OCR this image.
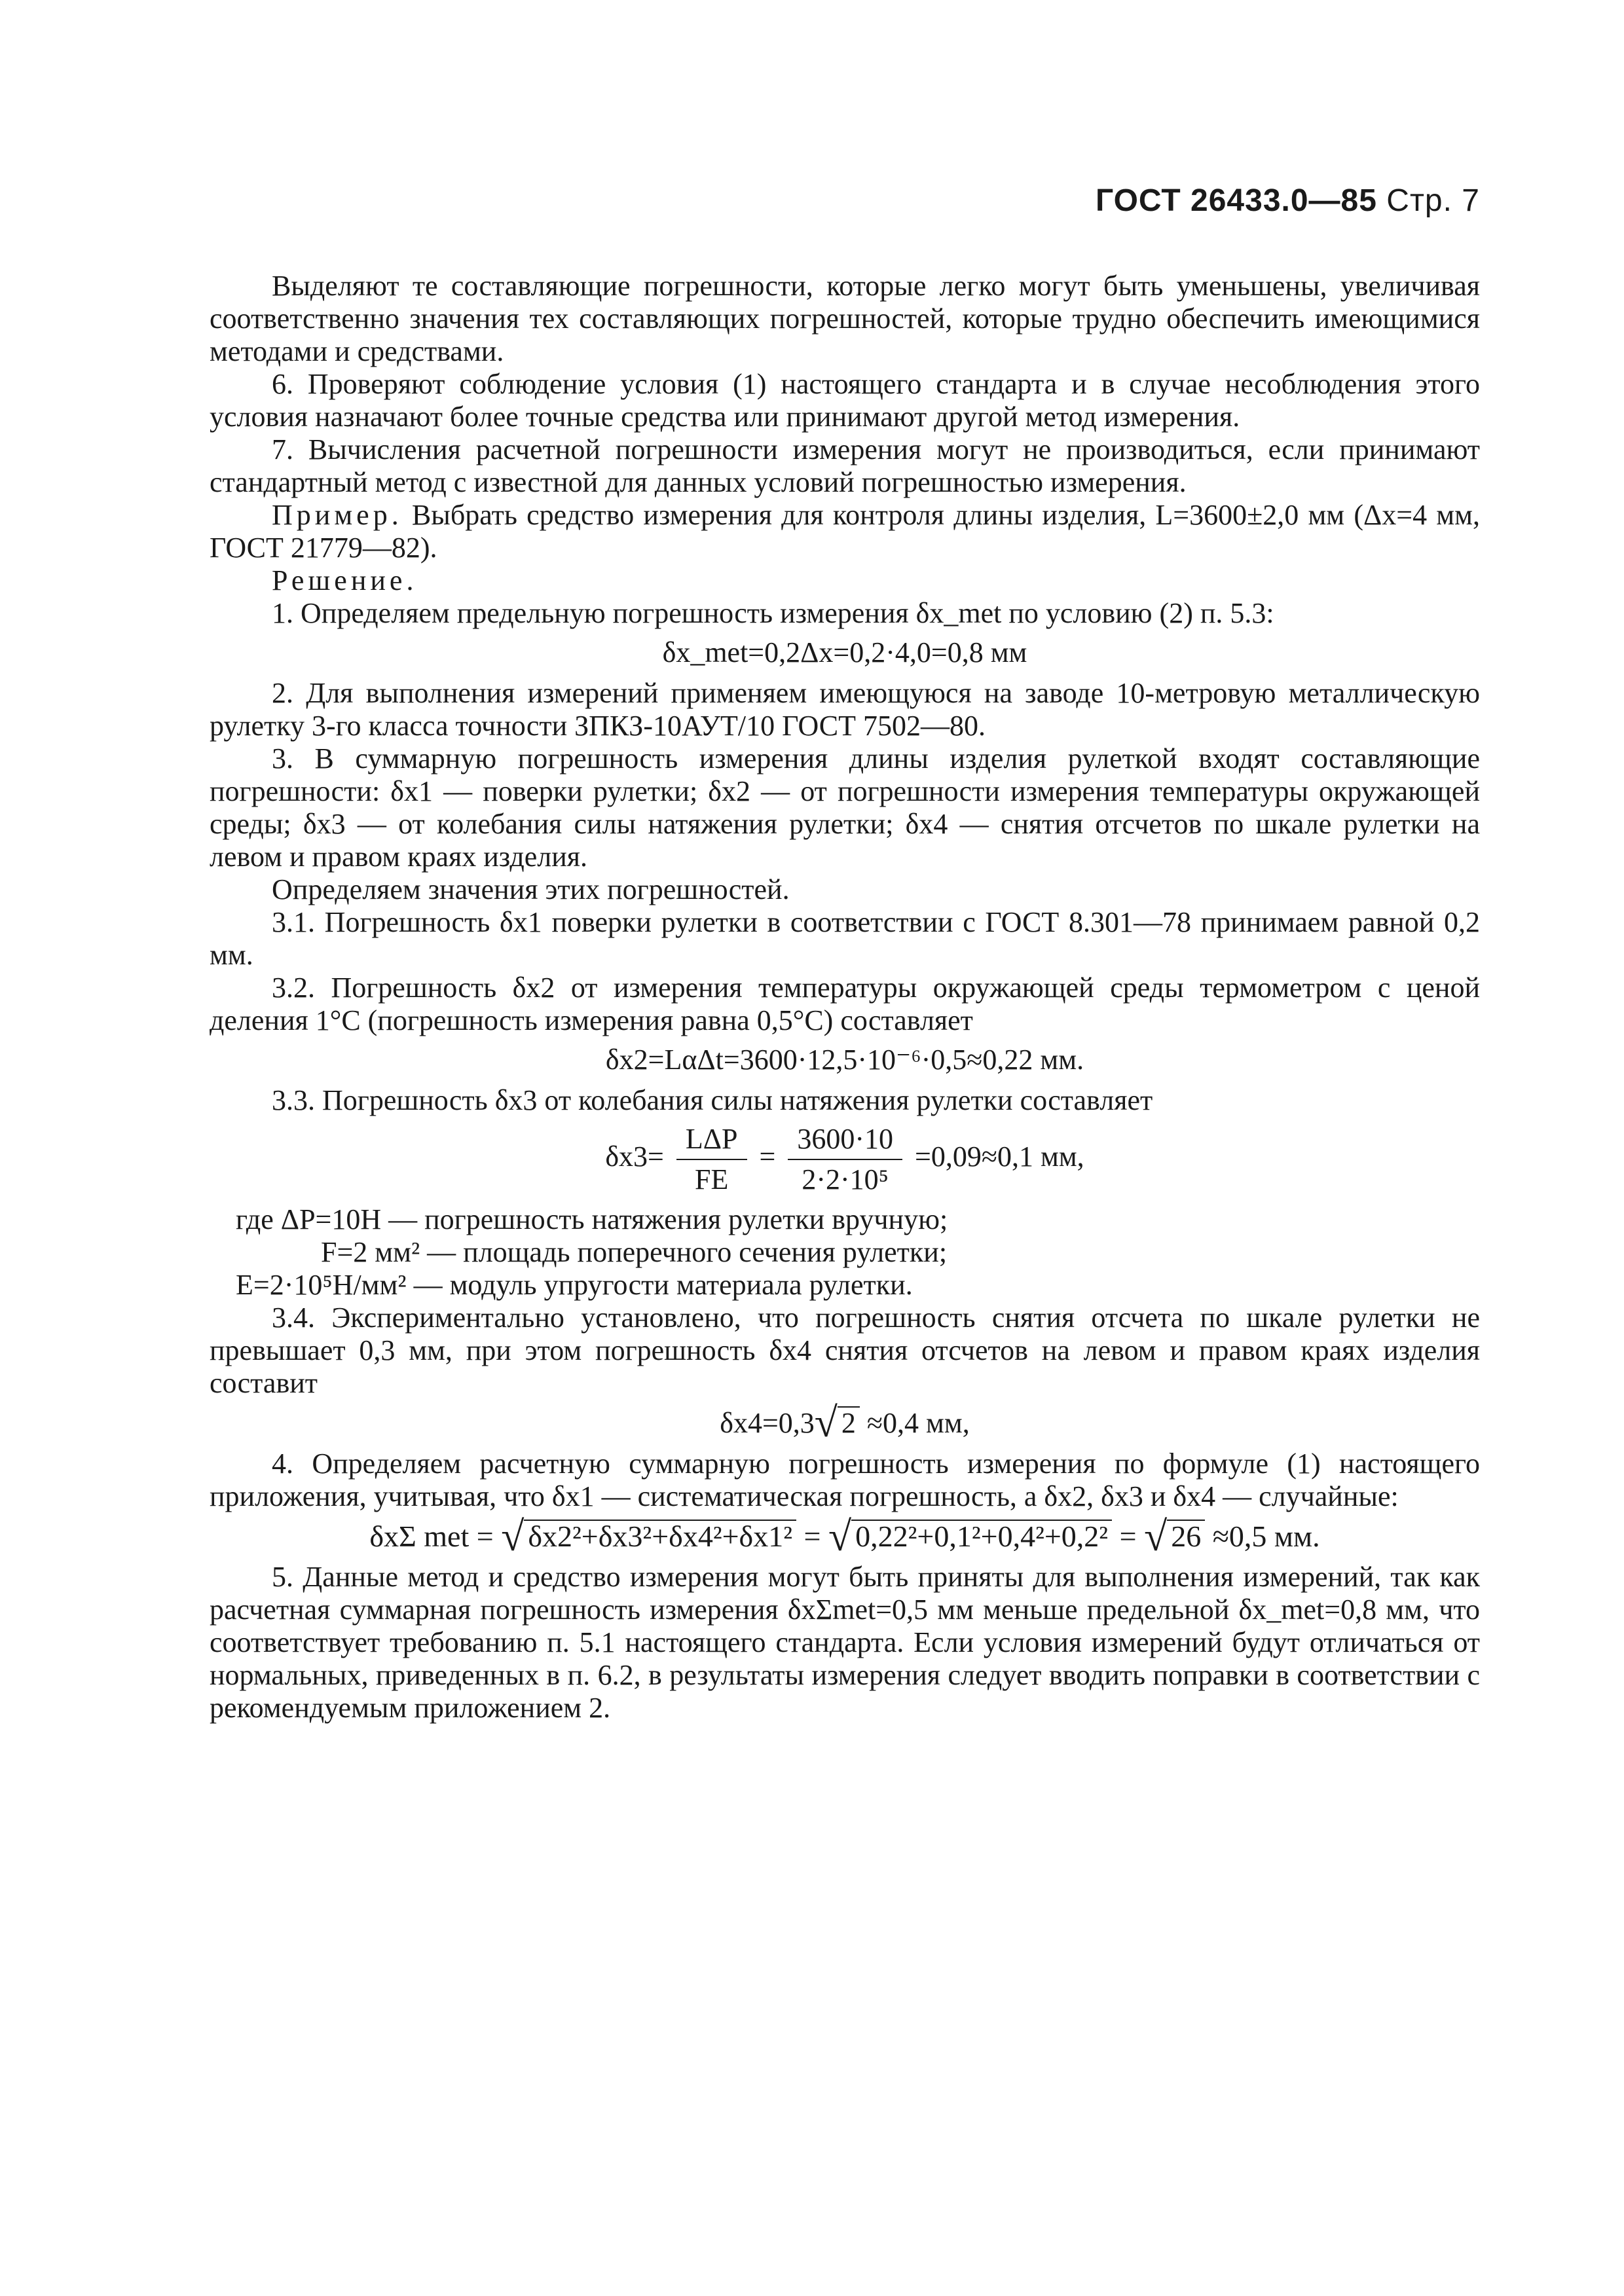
ГОСТ 26433.0—85 Стр. 7

Выделяют те составляющие погрешности, которые легко могут быть уменьшены, увеличивая соответственно значения тех составляющих погрешностей, которые трудно обеспечить имеющимися методами и средствами.

6. Проверяют соблюдение условия (1) настоящего стандарта и в случае несоблюдения этого условия назначают более точные средства или принимают другой метод измерения.

7. Вычисления расчетной погрешности измерения могут не производиться, если принимают стандартный метод с известной для данных условий погрешностью измерения.

Пример. Выбрать средство измерения для контроля длины изделия, L=3600±2,0 мм (Δx=4 мм, ГОСТ 21779—82).

Решение.

1. Определяем предельную погрешность измерения δx_met по условию (2) п. 5.3:

δx_met=0,2Δx=0,2·4,0=0,8 мм

2. Для выполнения измерений применяем имеющуюся на заводе 10-метровую металлическую рулетку 3-го класса точности ЗПКЗ-10АУТ/10 ГОСТ 7502—80.

3. В суммарную погрешность измерения длины изделия рулеткой входят составляющие погрешности: δx1 — поверки рулетки; δx2 — от погрешности измерения температуры окружающей среды; δx3 — от колебания силы натяжения рулетки; δx4 — снятия отсчетов по шкале рулетки на левом и правом краях изделия.

Определяем значения этих погрешностей.

3.1. Погрешность δx1 поверки рулетки в соответствии с ГОСТ 8.301—78 принимаем равной 0,2 мм.

3.2. Погрешность δx2 от измерения температуры окружающей среды термометром с ценой деления 1°С (погрешность измерения равна 0,5°С) составляет

δx2=LαΔt=3600·12,5·10⁻⁶·0,5≈0,22 мм.

3.3. Погрешность δx3 от колебания силы натяжения рулетки составляет

$\delta x3= \frac{\text{LΔP}}{FE} = \frac{3600\cdot 10}{\text{2·2·10⁵}} =0,09\approx 0,1$ мм,
где ΔP=10Н — погрешность натяжения рулетки вручную;
F=2 мм² — площадь поперечного сечения рулетки;
E=2·10⁵Н/мм² — модуль упругости материала рулетки.

3.4. Экспериментально установлено, что погрешность снятия отсчета по шкале рулетки не превышает 0,3 мм, при этом погрешность δx4 снятия отсчетов на левом и правом краях изделия составит

δx4=0,3√ 2 ≈0,4 мм,

4. Определяем расчетную суммарную погрешность измерения по формуле (1) настоящего приложения, учитывая, что δx1 — систематическая погрешность, а δx2, δx3 и δx4 — случайные:

δxΣ met = √ δx2²+δx3²+δx4²+δx1² = √ 0,22²+0,1²+0,4²+0,2² = √ 26 ≈0,5 мм.

5. Данные метод и средство измерения могут быть приняты для выполнения измерений, так как расчетная суммарная погрешность измерения δxΣmet=0,5 мм меньше предельной δx_met=0,8 мм, что соответствует требованию п. 5.1 настоящего стандарта. Если условия измерений будут отличаться от нормальных, приведенных в п. 6.2, в результаты измерения следует вводить поправки в соответствии с рекомендуемым приложением 2.
